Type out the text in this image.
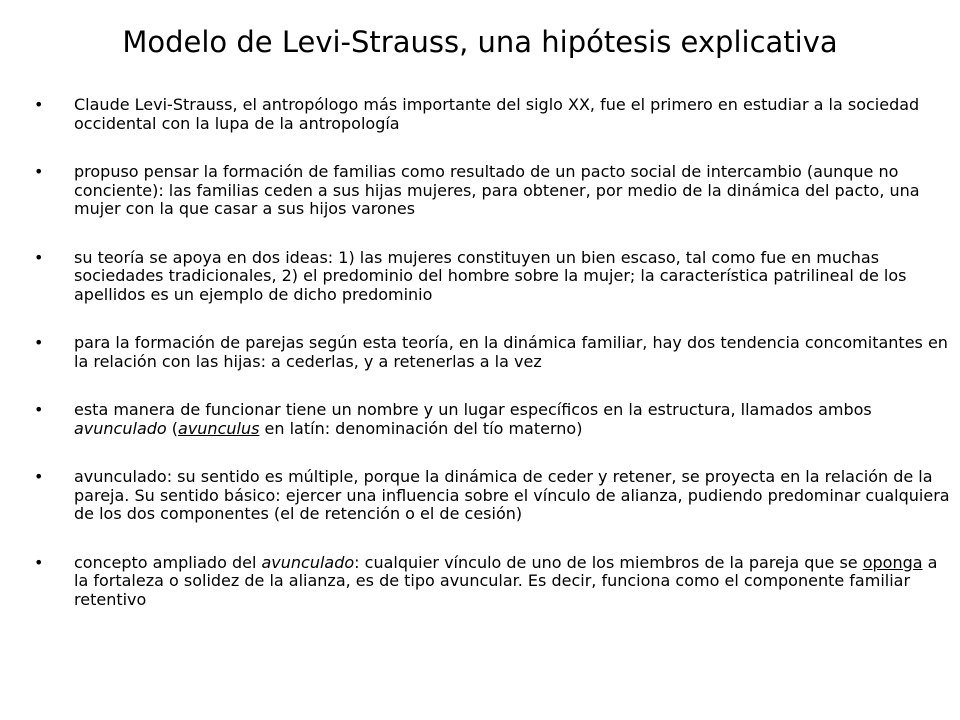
Modelo de Levi-Strauss, una hipótesis explicativa
• Claude Levi-Strauss, el antropólogo más importante del siglo XX, fue el primero en estudiar a la sociedad occidental con la lupa de la antropología
• propuso pensar la formación de familias como resultado de un pacto social de intercambio (aunque no conciente): las familias ceden a sus hijas mujeres, para obtener, por medio de la dinámica del pacto, una mujer con la que casar a sus hijos varones
• su teoría se apoya en dos ideas: 1) las mujeres constituyen un bien escaso, tal como fue en muchas sociedades tradicionales, 2) el predominio del hombre sobre la mujer; la característica patrilineal de los apellidos es un ejemplo de dicho predominio
• para la formación de parejas según esta teoría, en la dinámica familiar, hay dos tendencia concomitantes en la relación con las hijas: a cederlas, y a retenerlas a la vez
• esta manera de funcionar tiene un nombre y un lugar específicos en la estructura, llamados ambos avunculado (avunculus en latín: denominación del tío materno)
• avunculado: su sentido es múltiple, porque la dinámica de ceder y retener, se proyecta en la relación de la pareja. Su sentido básico: ejercer una influencia sobre el vínculo de alianza, pudiendo predominar cualquiera de los dos componentes (el de retención o el de cesión)
• concepto ampliado del avunculado: cualquier vínculo de uno de los miembros de la pareja que se oponga a la fortaleza o solidez de la alianza, es de tipo avuncular. Es decir, funciona como el componente familiar retentivo
